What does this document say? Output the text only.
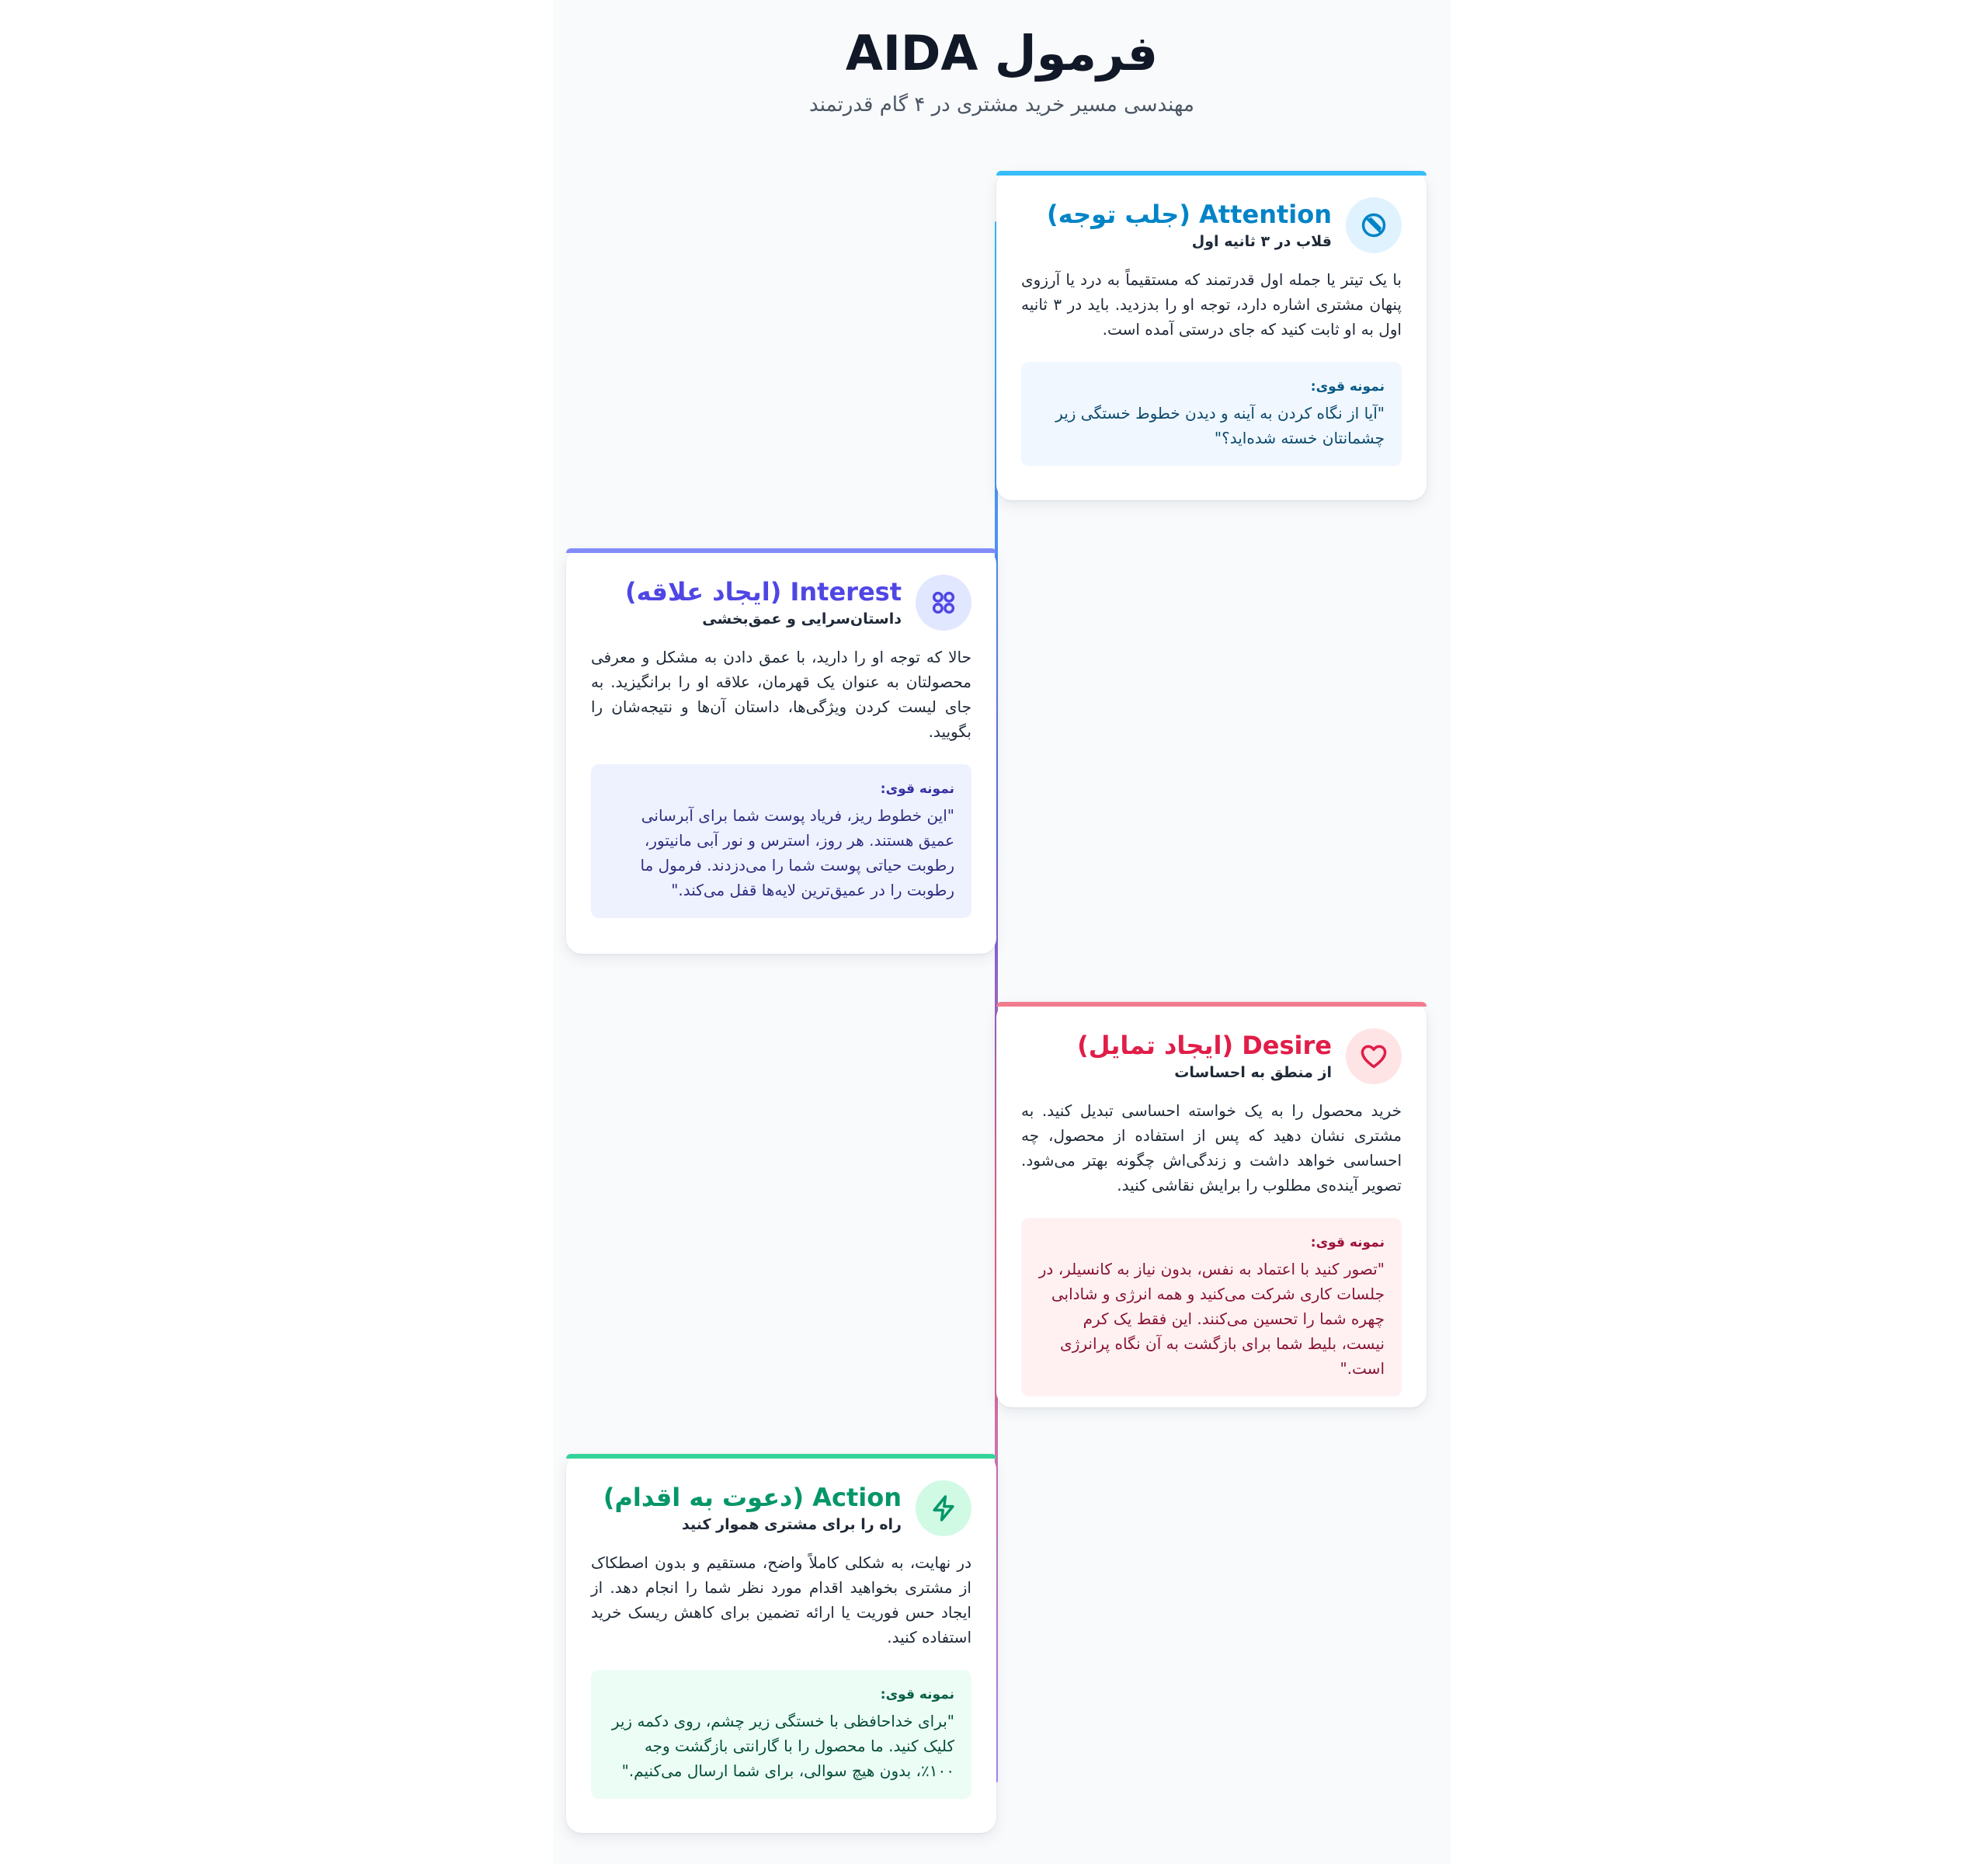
فرمول AIDA

مهندسی مسیر خرید مشتری در ۴ گام قدرتمند

Attention (جلب توجه)

قلاب در ۳ ثانیه اول

با یک تیتر یا جمله اول قدرتمند که مستقیماً به درد یا آرزوی پنهان مشتری اشاره دارد، توجه او را بدزدید. باید در ۳ ثانیه اول به او ثابت کنید که جای درستی آمده است.

نمونه قوی:

"آیا از نگاه کردن به آینه و دیدن خطوط خستگی زیر چشمانتان خسته شده‌اید؟"

Interest (ایجاد علاقه)

داستان‌سرایی و عمق‌بخشی

حالا که توجه او را دارید، با عمق دادن به مشکل و معرفی محصولتان به عنوان یک قهرمان، علاقه او را برانگیزید. به جای لیست کردن ویژگی‌ها، داستان آن‌ها و نتیجه‌شان را بگویید.

نمونه قوی:

"این خطوط ریز، فریاد پوست شما برای آبرسانی عمیق هستند. هر روز، استرس و نور آبی مانیتور، رطوبت حیاتی پوست شما را می‌دزدند. فرمول ما رطوبت را در عمیق‌ترین لایه‌ها قفل می‌کند."

Desire (ایجاد تمایل)

از منطق به احساسات

خرید محصول را به یک خواسته احساسی تبدیل کنید. به مشتری نشان دهید که پس از استفاده از محصول، چه احساسی خواهد داشت و زندگی‌اش چگونه بهتر می‌شود. تصویر آینده‌ی مطلوب را برایش نقاشی کنید.

نمونه قوی:

"تصور کنید با اعتماد به نفس، بدون نیاز به کانسیلر، در جلسات کاری شرکت می‌کنید و همه انرژی و شادابی چهره شما را تحسین می‌کنند. این فقط یک کرم نیست، بلیط شما برای بازگشت به آن نگاه پرانرژی است."

Action (دعوت به اقدام)

راه را برای مشتری هموار کنید

در نهایت، به شکلی کاملاً واضح، مستقیم و بدون اصطکاک از مشتری بخواهید اقدام مورد نظر شما را انجام دهد. از ایجاد حس فوریت یا ارائه تضمین برای کاهش ریسک خرید استفاده کنید.

نمونه قوی:

"برای خداحافظی با خستگی زیر چشم، روی دکمه زیر کلیک کنید. ما محصول را با گارانتی بازگشت وجه ۱۰۰٪، بدون هیچ سوالی، برای شما ارسال می‌کنیم."
